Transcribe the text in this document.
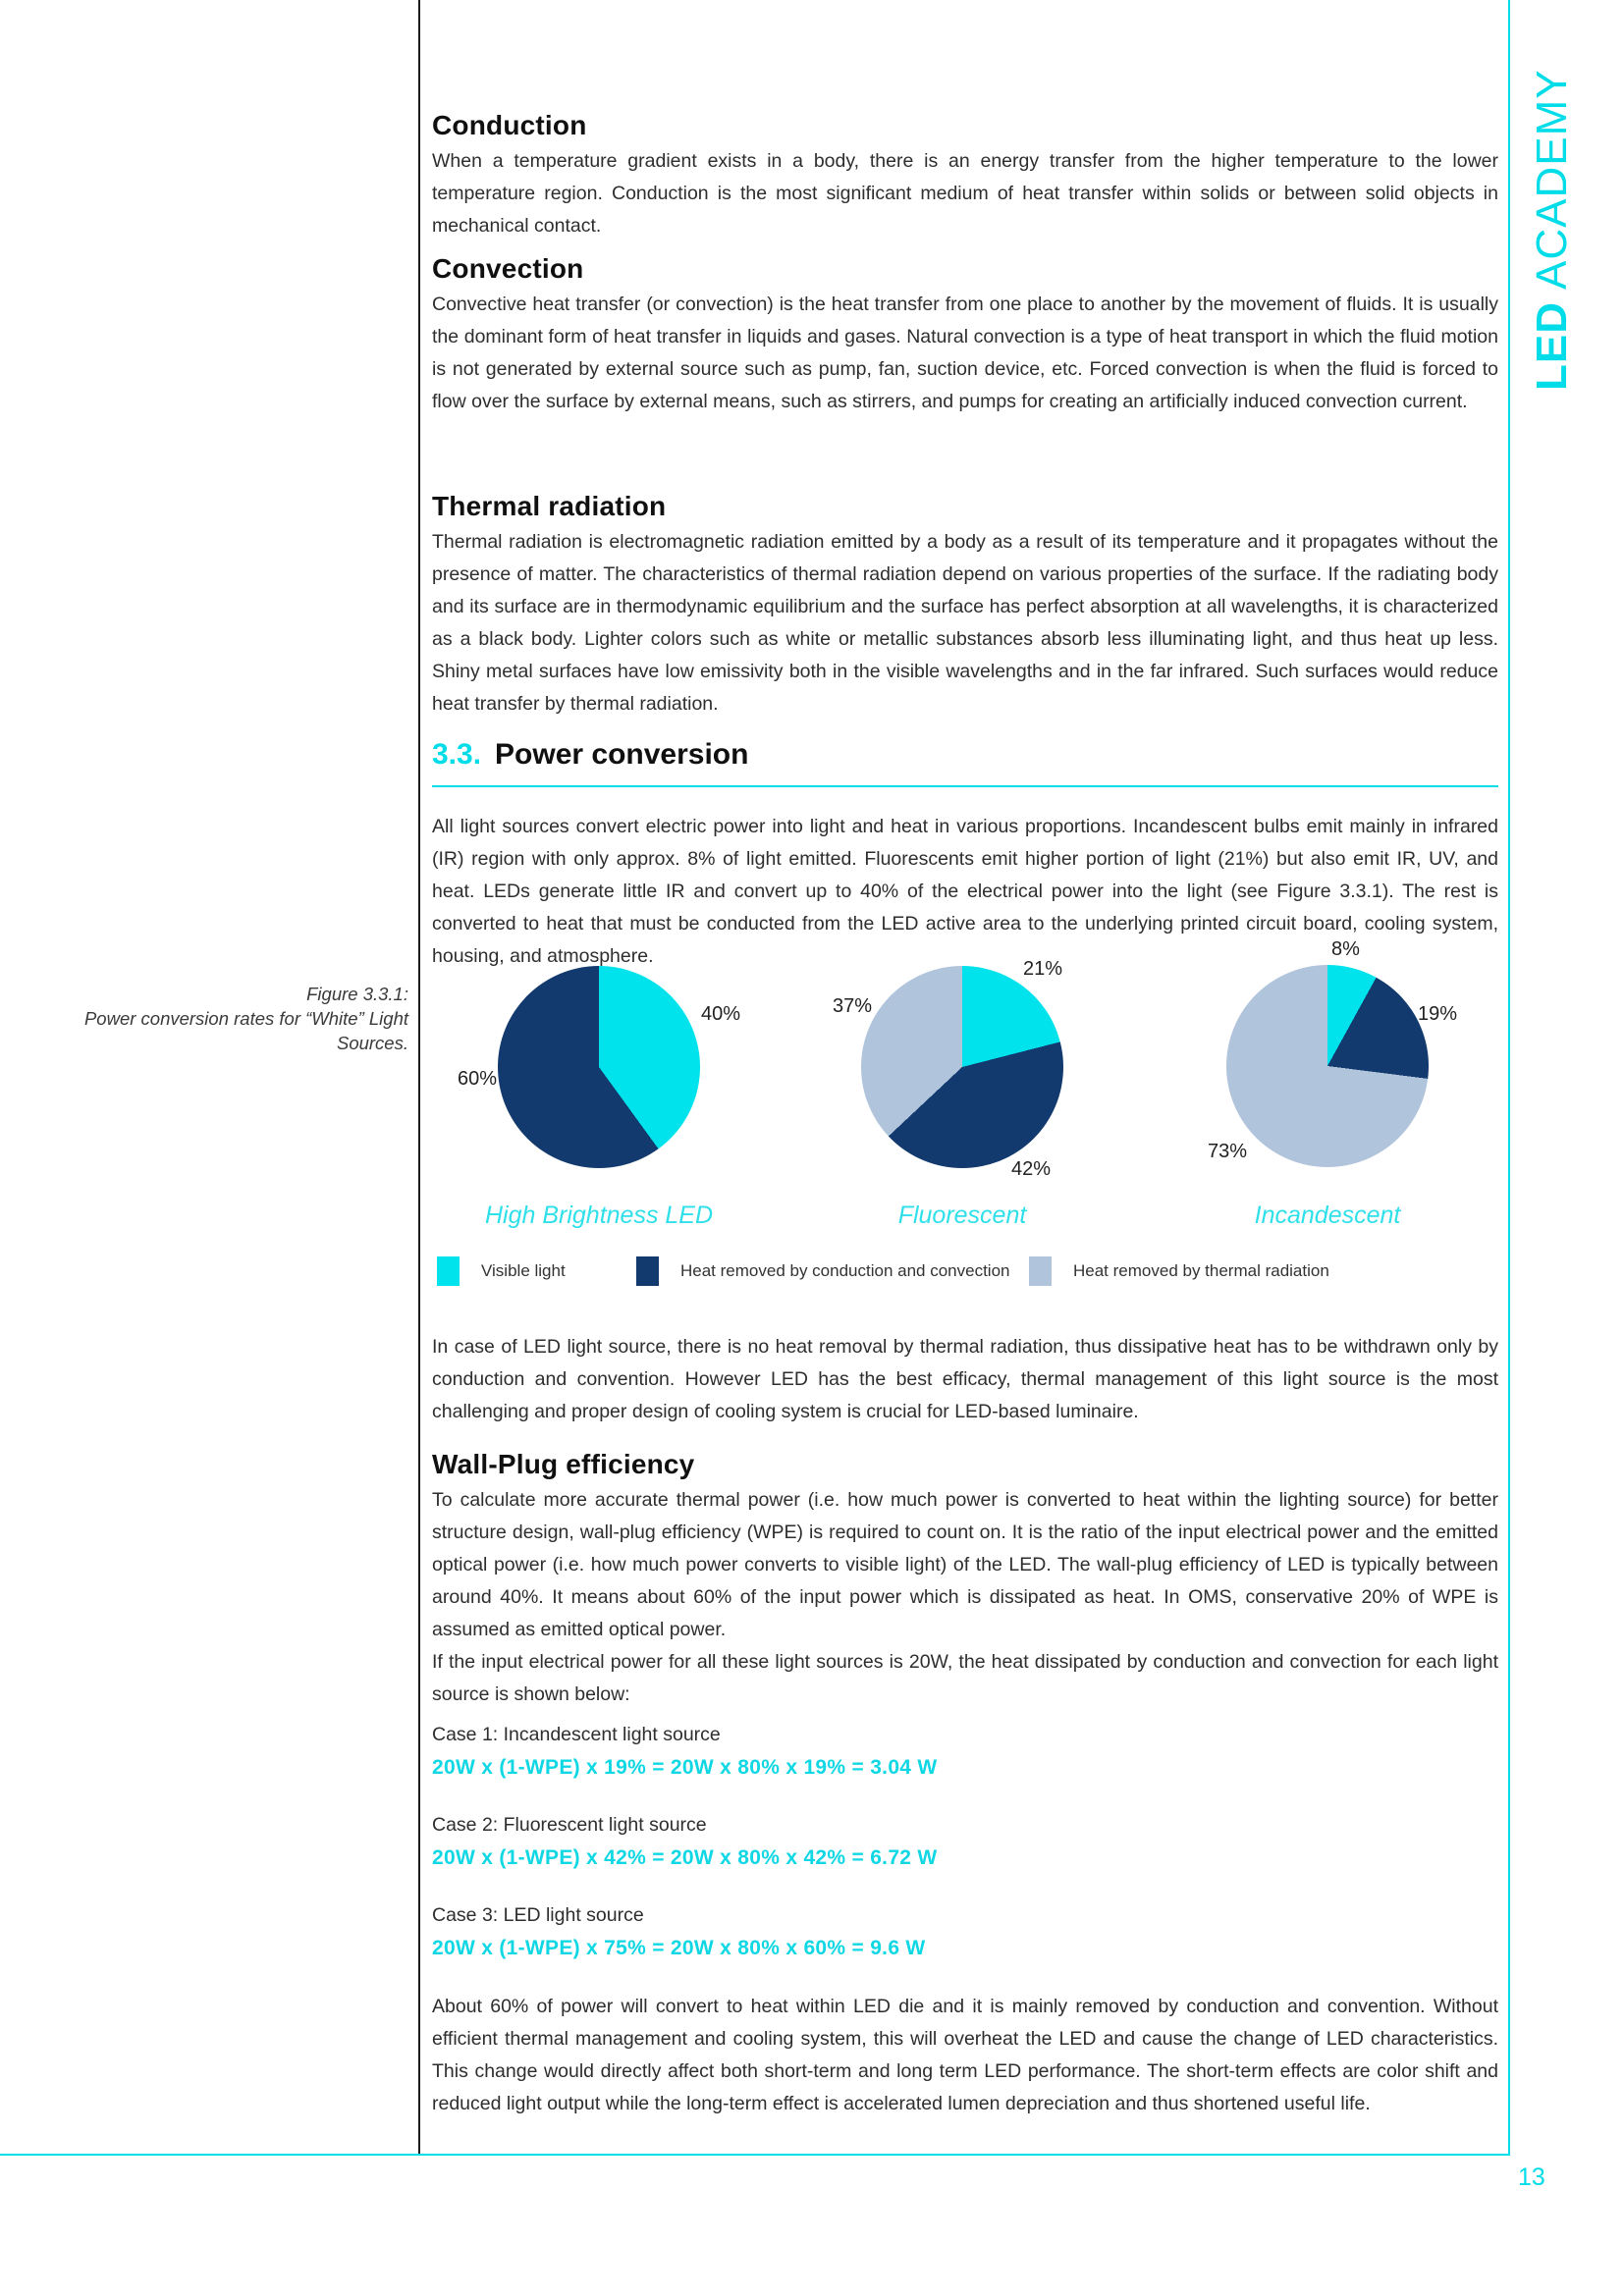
LEDACADEMY
13
Conduction

When a temperature gradient exists in a body, there is an energy transfer from the higher temperature to the lower temperature region. Conduction is the most significant medium of heat transfer within solids or between solid objects in mechanical contact.

Convection

Convective heat transfer (or convection) is the heat transfer from one place to another by the movement of fluids. It is usually the dominant form of heat transfer in liquids and gases. Natural convection is a type of heat transport in which the fluid motion is not generated by external source such as pump, fan, suction device, etc. Forced convection is when the fluid is forced to flow over the surface by external means, such as stirrers, and pumps for creating an artificially induced convection current.

Thermal radiation

Thermal radiation is electromagnetic radiation emitted by a body as a result of its temperature and it propagates without the presence of matter. The characteristics of thermal radiation depend on various properties of the surface. If the radiating body and its surface are in thermodynamic equilibrium and the surface has perfect absorption at all wavelengths, it is characterized as a black body. Lighter colors such as white or metallic substances absorb less illuminating light, and thus heat up less. Shiny metal surfaces have low emissivity both in the visible wavelengths and in the far infrared. Such surfaces would reduce heat transfer by thermal radiation.

3.3. Power conversion

All light sources convert electric power into light and heat in various proportions. Incandescent bulbs emit mainly in infrared (IR) region with only approx. 8% of light emitted. Fluorescents emit higher portion of light (21%) but also emit IR, UV, and heat. LEDs generate little IR and convert up to 40% of the electrical power into the light (see Figure 3.3.1). The rest is converted to heat that must be conducted from the LED active area to the underlying printed circuit board, cooling system, housing, and atmosphere.

Figure 3.3.1:
Power conversion rates for “White” Light
Sources.
40%
60%
21%
42%
37%
8%
19%
73%
High Brightness LED	Fluorescent	Incandescent
Visible light	Heat removed by conduction and convection	Heat removed by thermal radiation

In case of LED light source, there is no heat removal by thermal radiation, thus dissipative heat has to be withdrawn only by conduction and convention. However LED has the best efficacy, thermal management of this light source is the most challenging and proper design of cooling system is crucial for LED-based luminaire.

Wall-Plug efficiency
To calculate more accurate thermal power (i.e. how much power is converted to heat within the lighting source) for better structure design, wall-plug efficiency (WPE) is required to count on. It is the ratio of the input electrical power and the emitted optical power (i.e. how much power converts to visible light) of the LED. The wall-plug efficiency of LED is typically between around 40%. It means about 60% of the input power which is dissipated as heat. In OMS, conservative 20% of WPE is assumed as emitted optical power.
If the input electrical power for all these light sources is 20W, the heat dissipated by conduction and convection for each light source is shown below:
Case 1: Incandescent light source
20W x (1-WPE) x 19% = 20W x 80% x 19% = 3.04 W
Case 2: Fluorescent light source
20W x (1-WPE) x 42% = 20W x 80% x 42% = 6.72 W
Case 3: LED light source
20W x (1-WPE) x 75% = 20W x 80% x 60% = 9.6 W

About 60% of power will convert to heat within LED die and it is mainly removed by conduction and convention. Without efficient thermal management and cooling system, this will overheat the LED and cause the change of LED characteristics. This change would directly affect both short-term and long term LED performance. The short-term effects are color shift and reduced light output while the long-term effect is accelerated lumen depreciation and thus shortened useful life.
